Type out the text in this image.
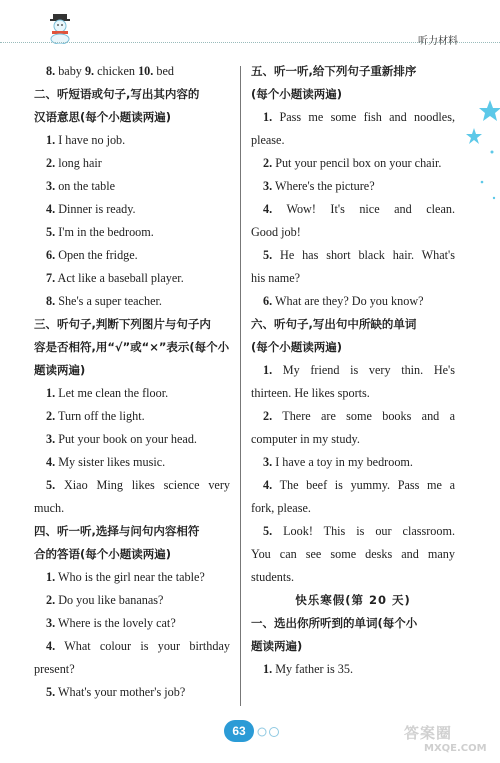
听力材料
8. baby 9. chicken 10. bed
二、听短语或句子,写出其内容的
汉语意思(每个小题读两遍)
1. I have no job.
2. long hair
3. on the table
4. Dinner is ready.
5. I'm in the bedroom.
6. Open the fridge.
7. Act like a baseball player.
8. She's a super teacher.
三、听句子,判断下列图片与句子内
容是否相符,用“√”或“×”表示(每个小
题读两遍)
1. Let me clean the floor.
2. Turn off the light.
3. Put your book on your head.
4. My sister likes music.
5. Xiao Ming likes science very
much.
四、听一听,选择与问句内容相符
合的答语(每个小题读两遍)
1. Who is the girl near the table?
2. Do you like bananas?
3. Where is the lovely cat?
4. What colour is your birthday
present?
5. What's your mother's job?
五、听一听,给下列句子重新排序
(每个小题读两遍)
1. Pass me some fish and noodles,
please.
2. Put your pencil box on your chair.
3. Where's the picture?
4. Wow! It's nice and clean.
Good job!
5. He has short black hair. What's
his name?
6. What are they? Do you know?
六、听句子,写出句中所缺的单词
(每个小题读两遍)
1. My friend is very thin. He's
thirteen. He likes sports.
2. There are some books and a
computer in my study.
3. I have a toy in my bedroom.
4. The beef is yummy. Pass me a
fork, please.
5. Look! This is our classroom.
You can see some desks and many
students.
快乐寒假(第 20 天)
一、选出你所听到的单词(每个小
题读两遍)
1. My father is 35.
63	答案圈
MXQE.COM
